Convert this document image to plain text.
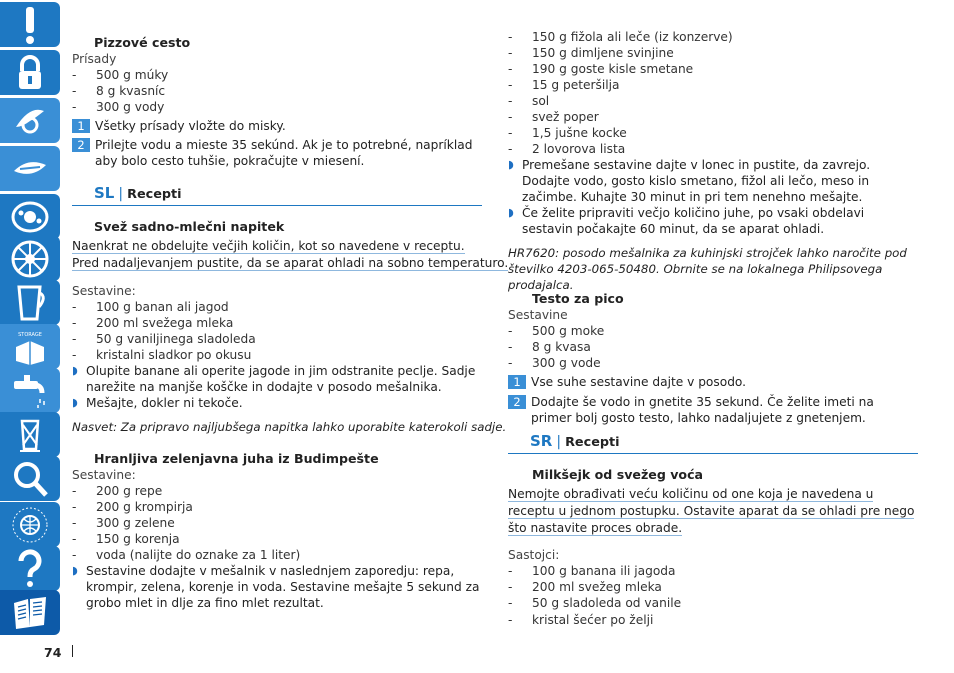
STORAGE
Pizzové cesto
Prísady
- 500 g múky
- 8 g kvasníc
- 300 g vody
1 Všetky prísady vložte do misky.
2 Prilejte vodu a mieste 35 sekúnd. Ak je to potrebné, napríklad aby bolo cesto tuhšie, pokračujte v miesení.
SL | Recepti
Svež sadno-mlečni napitek
Naenkrat ne obdelujte večjih količin, kot so navedene v receptu.
Pred nadaljevanjem pustite, da se aparat ohladi na sobno temperaturo.
Sestavine:
- 100 g banan ali jagod
- 200 ml svežega mleka
- 50 g vaniljinega sladoleda
- kristalni sladkor po okusu
◗ Olupite banane ali operite jagode in jim odstranite peclje. Sadje narežite na manjše koščke in dodajte v posodo mešalnika.
◗ Mešajte, dokler ni tekoče.
Nasvet: Za pripravo najljubšega napitka lahko uporabite katerokoli sadje.
Hranljiva zelenjavna juha iz Budimpešte
Sestavine:
- 200 g repe
- 200 g krompirja
- 300 g zelene
- 150 g korenja
- voda (nalijte do oznake za 1 liter)
◗ Sestavine dodajte v mešalnik v naslednjem zaporedju: repa, krompir, zelena, korenje in voda. Sestavine mešajte 5 sekund za grobo mlet in dlje za fino mlet rezultat.
- 150 g fižola ali leče (iz konzerve)
- 150 g dimljene svinjine
- 190 g goste kisle smetane
- 15 g peteršilja
- sol
- svež poper
- 1,5 jušne kocke
- 2 lovorova lista
◗ Premešane sestavine dajte v lonec in pustite, da zavrejo. Dodajte vodo, gosto kislo smetano, fižol ali lečo, meso in začimbe. Kuhajte 30 minut in pri tem nenehno mešajte.
◗ Če želite pripraviti večjo količino juhe, po vsaki obdelavi sestavin počakajte 60 minut, da se aparat ohladi.
HR7620: posodo mešalnika za kuhinjski strojček lahko naročite pod številko 4203-065-50480. Obrnite se na lokalnega Philipsovega prodajalca.
Testo za pico
Sestavine
- 500 g moke
- 8 g kvasa
- 300 g vode
1 Vse suhe sestavine dajte v posodo.
2 Dodajte še vodo in gnetite 35 sekund. Če želite imeti na primer bolj gosto testo, lahko nadaljujete z gnetenjem.
SR | Recepti
Milkšejk od svežeg voća
Nemojte obrađivati veću količinu od one koja je navedena u receptu u jednom postupku. Ostavite aparat da se ohladi pre nego što nastavite proces obrade.
Sastojci:
- 100 g banana ili jagoda
- 200 ml svežeg mleka
- 50 g sladoleda od vanile
- kristal šećer po želji
74
